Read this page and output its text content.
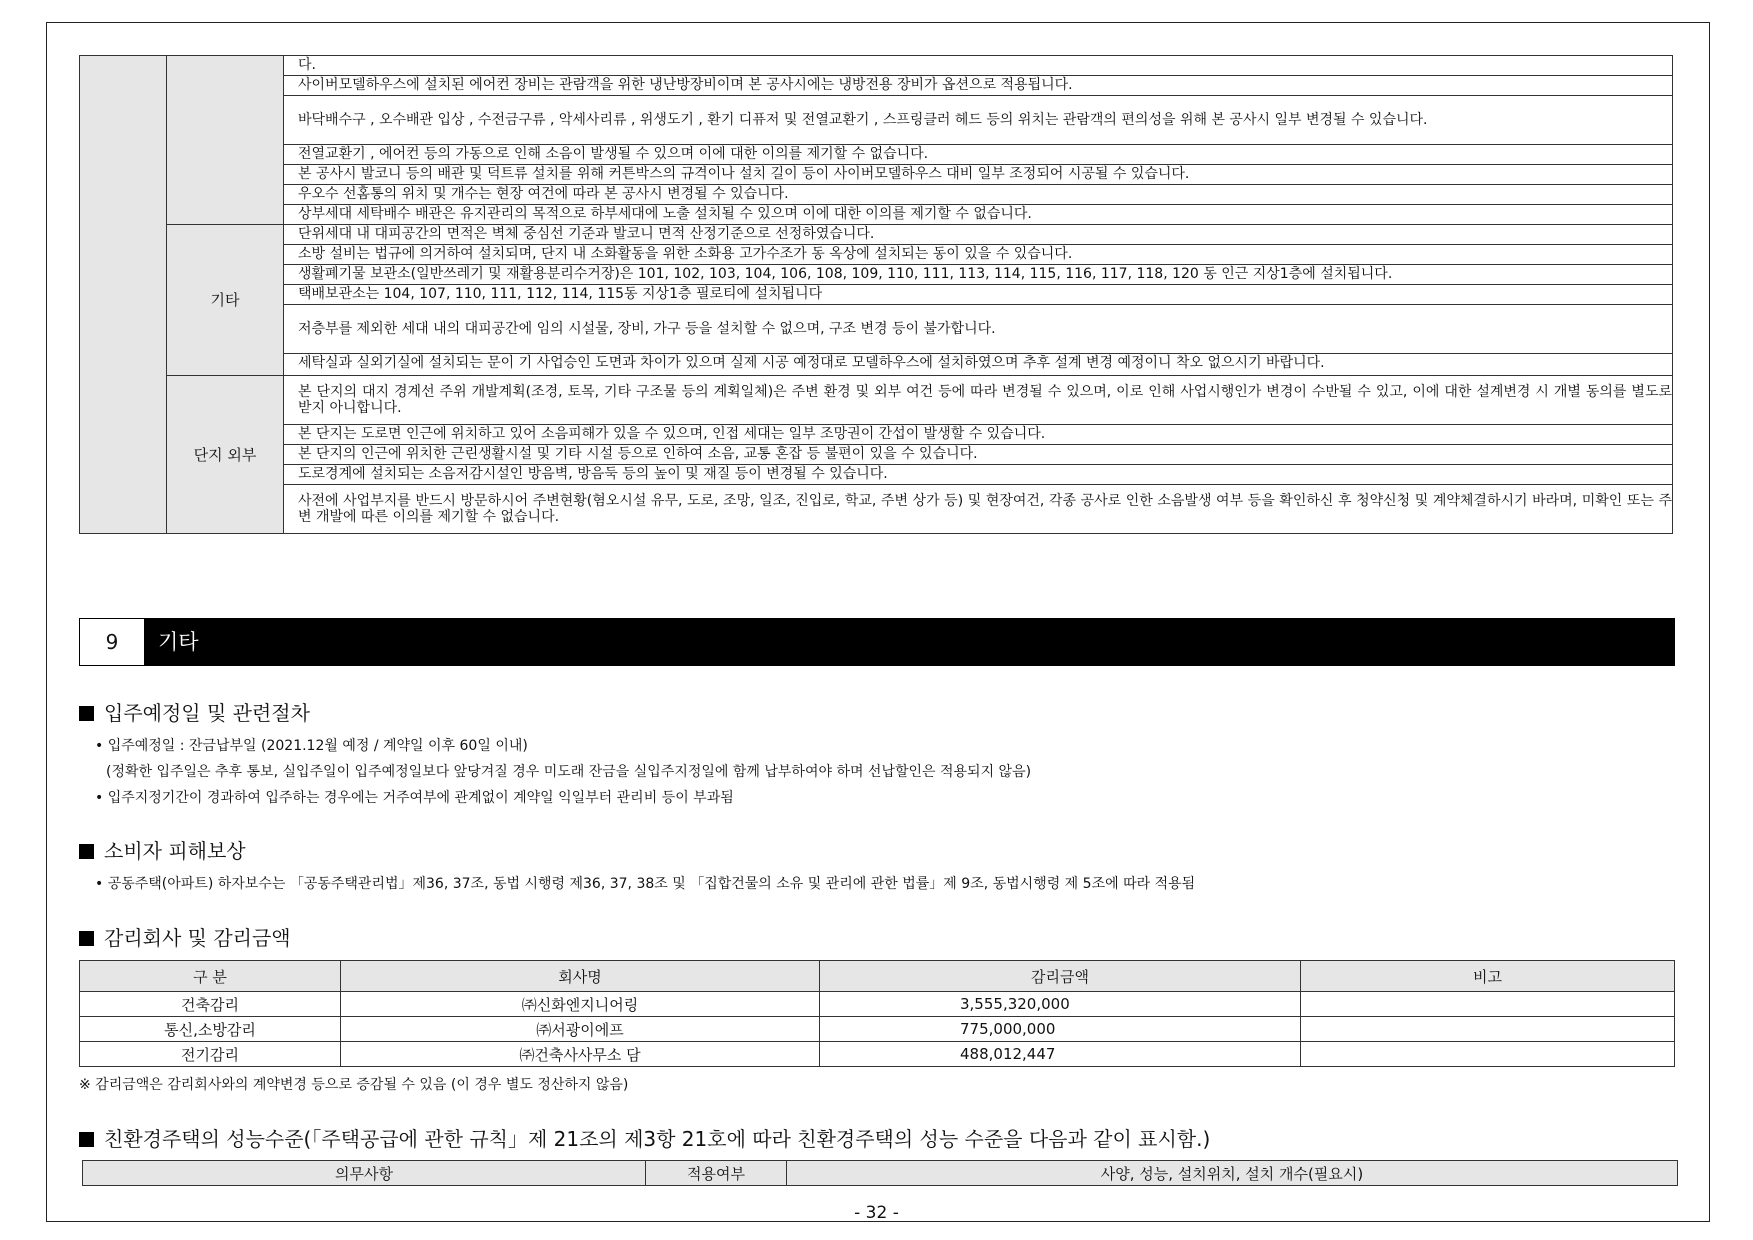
		다.
		사이버모델하우스에 설치된 에어컨 장비는 관람객을 위한 냉난방장비이며 본 공사시에는 냉방전용 장비가 옵션으로 적용됩니다.
		바닥배수구 , 오수배관 입상 , 수전금구류 , 악세사리류 , 위생도기 , 환기 디퓨저 및 전열교환기 , 스프링클러 헤드 등의 위치는 관람객의 편의성을 위해 본 공사시 일부 변경될 수 있습니다.
		전열교환기 , 에어컨 등의 가동으로 인해 소음이 발생될 수 있으며 이에 대한 이의를 제기할 수 없습니다.
		본 공사시 발코니 등의 배관 및 덕트류 설치를 위해 커튼박스의 규격이나 설치 길이 등이 사이버모델하우스 대비 일부 조정되어 시공될 수 있습니다.
		우오수 선홈통의 위치 및 개수는 현장 여건에 따라 본 공사시 변경될 수 있습니다.
		상부세대 세탁배수 배관은 유지관리의 목적으로 하부세대에 노출 설치될 수 있으며 이에 대한 이의를 제기할 수 없습니다.
	기타	단위세대 내 대피공간의 면적은 벽체 중심선 기준과 발코니 면적 산정기준으로 선정하였습니다.
		소방 설비는 법규에 의거하여 설치되며, 단지 내 소화활동을 위한 소화용 고가수조가 동 옥상에 설치되는 동이 있을 수 있습니다.
		생활폐기물 보관소(일반쓰레기 및 재활용분리수거장)은 101, 102, 103, 104, 106, 108, 109, 110, 111, 113, 114, 115, 116, 117, 118, 120 동 인근 지상1층에 설치됩니다.
		택배보관소는 104, 107, 110, 111, 112, 114, 115동 지상1층 필로티에 설치됩니다
		저층부를 제외한 세대 내의 대피공간에 임의 시설물, 장비, 가구 등을 설치할 수 없으며, 구조 변경 등이 불가합니다.
		세탁실과 실외기실에 설치되는 문이 기 사업승인 도면과 차이가 있으며 실제 시공 예정대로 모델하우스에 설치하였으며 추후 설계 변경 예정이니 착오 없으시기 바랍니다.
	단지 외부	본 단지의 대지 경계선 주위 개발계획(조경, 토목, 기타 구조물 등의 계획일체)은 주변 환경 및 외부 여건 등에 따라 변경될 수 있으며, 이로 인해 사업시행인가 변경이 수반될 수 있고, 이에 대한 설계변경 시 개별 동의를 별도로 받지 아니합니다.
		본 단지는 도로면 인근에 위치하고 있어 소음피해가 있을 수 있으며, 인접 세대는 일부 조망권이 간섭이 발생할 수 있습니다.
		본 단지의 인근에 위치한 근린생활시설 및 기타 시설 등으로 인하여 소음, 교통 혼잡 등 불편이 있을 수 있습니다.
		도로경계에 설치되는 소음저감시설인 방음벽, 방음둑 등의 높이 및 재질 등이 변경될 수 있습니다.
		사전에 사업부지를 반드시 방문하시어 주변현황(혐오시설 유무, 도로, 조망, 일조, 진입로, 학교, 주변 상가 등) 및 현장여건, 각종 공사로 인한 소음발생 여부 등을 확인하신 후 청약신청 및 계약체결하시기 바라며, 미확인 또는 주변 개발에 따른 이의를 제기할 수 없습니다.
9	기타
입주예정일 및 관련절차
• 입주예정일 : 잔금납부일 (2021.12월 예정 / 계약일 이후 60일 이내)
(정확한 입주일은 추후 통보, 실입주일이 입주예정일보다 앞당겨질 경우 미도래 잔금을 실입주지정일에 함께 납부하여야 하며 선납할인은 적용되지 않음)
• 입주지정기간이 경과하여 입주하는 경우에는 거주여부에 관계없이 계약일 익일부터 관리비 등이 부과됨
소비자 피해보상
• 공동주택(아파트) 하자보수는 「공동주택관리법」제36, 37조, 동법 시행령 제36, 37, 38조 및 「집합건물의 소유 및 관리에 관한 법률」제 9조, 동법시행령 제 5조에 따라 적용됨
감리회사 및 감리금액
구 분	회사명	감리금액	비고
건축감리	㈜신화엔지니어링	3,555,320,000	
통신,소방감리	㈜서광이에프	775,000,000	
전기감리	㈜건축사사무소 담	488,012,447	
※ 감리금액은 감리회사와의 계약변경 등으로 증감될 수 있음 (이 경우 별도 정산하지 않음)
친환경주택의 성능수준(「주택공급에 관한 규칙」제 21조의 제3항 21호에 따라 친환경주택의 성능 수준을 다음과 같이 표시함.)
의무사항	적용여부	사양, 성능, 설치위치, 설치 개수(필요시)
- 32 -
